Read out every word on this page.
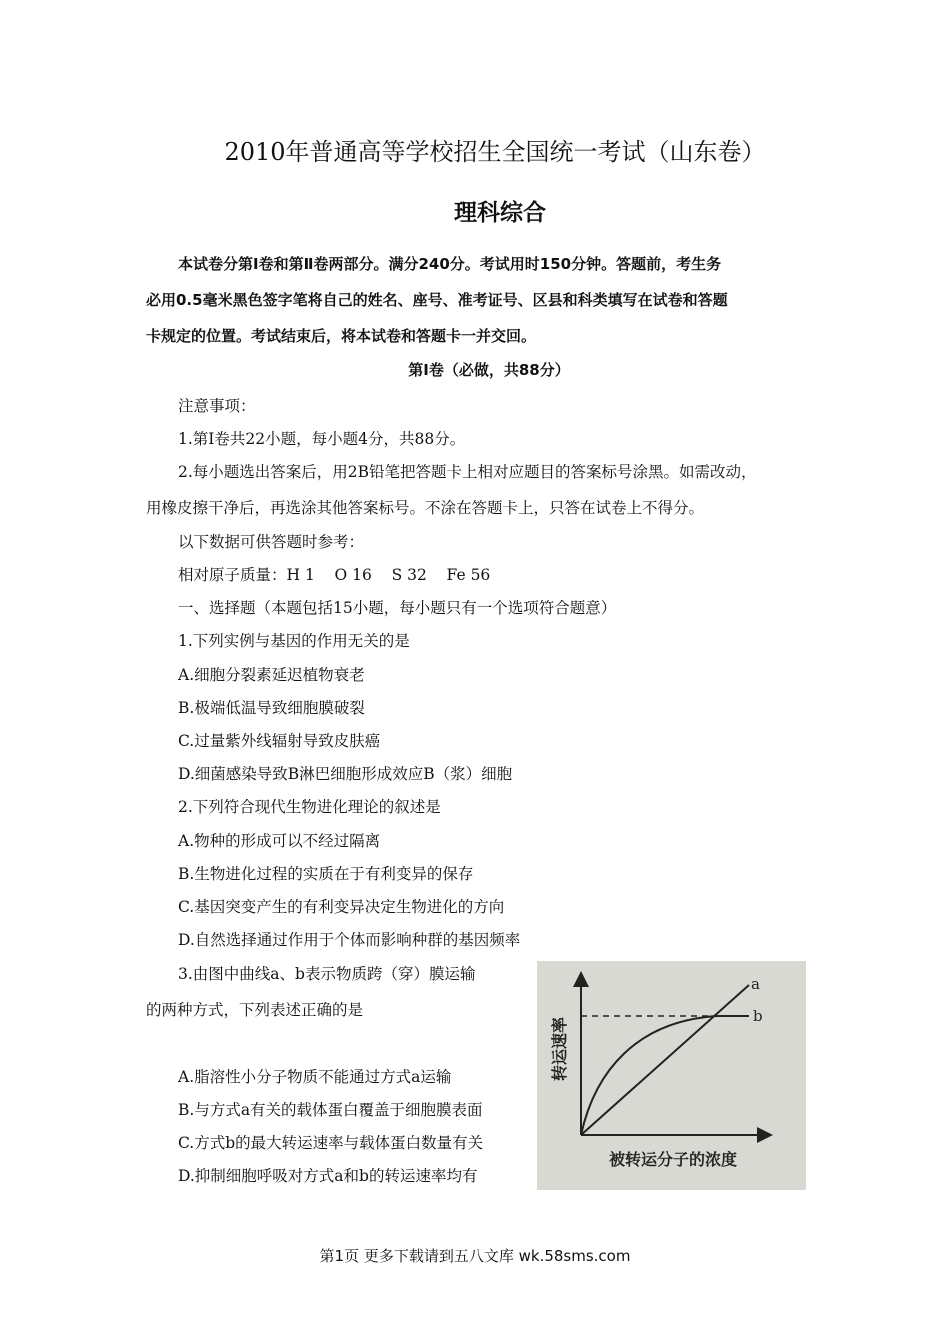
2010年普通高等学校招生全国统一考试（山东卷）
理科综合
本试卷分第Ⅰ卷和第Ⅱ卷两部分。满分240分。考试用时150分钟。答题前，考生务
必用0.5毫米黑色签字笔将自己的姓名、座号、准考证号、区县和科类填写在试卷和答题
卡规定的位置。考试结束后，将本试卷和答题卡一并交回。
第Ⅰ卷（必做，共88分）
注意事项：
1.第Ⅰ卷共22小题，每小题4分，共88分。
2.每小题选出答案后，用2B铅笔把答题卡上相对应题目的答案标号涂黑。如需改动，
用橡皮擦干净后，再选涂其他答案标号。不涂在答题卡上，只答在试卷上不得分。
以下数据可供答题时参考：
相对原子质量：H 1    O 16    S 32    Fe 56
一、选择题（本题包括15小题，每小题只有一个选项符合题意）
1.下列实例与基因的作用无关的是
A.细胞分裂素延迟植物衰老
B.极端低温导致细胞膜破裂
C.过量紫外线辐射导致皮肤癌
D.细菌感染导致B淋巴细胞形成效应B（浆）细胞
2.下列符合现代生物进化理论的叙述是
A.物种的形成可以不经过隔离
B.生物进化过程的实质在于有利变异的保存
C.基因突变产生的有利变异决定生物进化的方向
D.自然选择通过作用于个体而影响种群的基因频率
3.由图中曲线a、b表示物质跨（穿）膜运输
的两种方式，下列表述正确的是
A.脂溶性小分子物质不能通过方式a运输
B.与方式a有关的载体蛋白覆盖于细胞膜表面
C.方式b的最大转运速率与载体蛋白数量有关
D.抑制细胞呼吸对方式a和b的转运速率均有
a
b
被转运分子的浓度
转运速率
第1页 更多下载请到五八文库 wk.58sms.com
